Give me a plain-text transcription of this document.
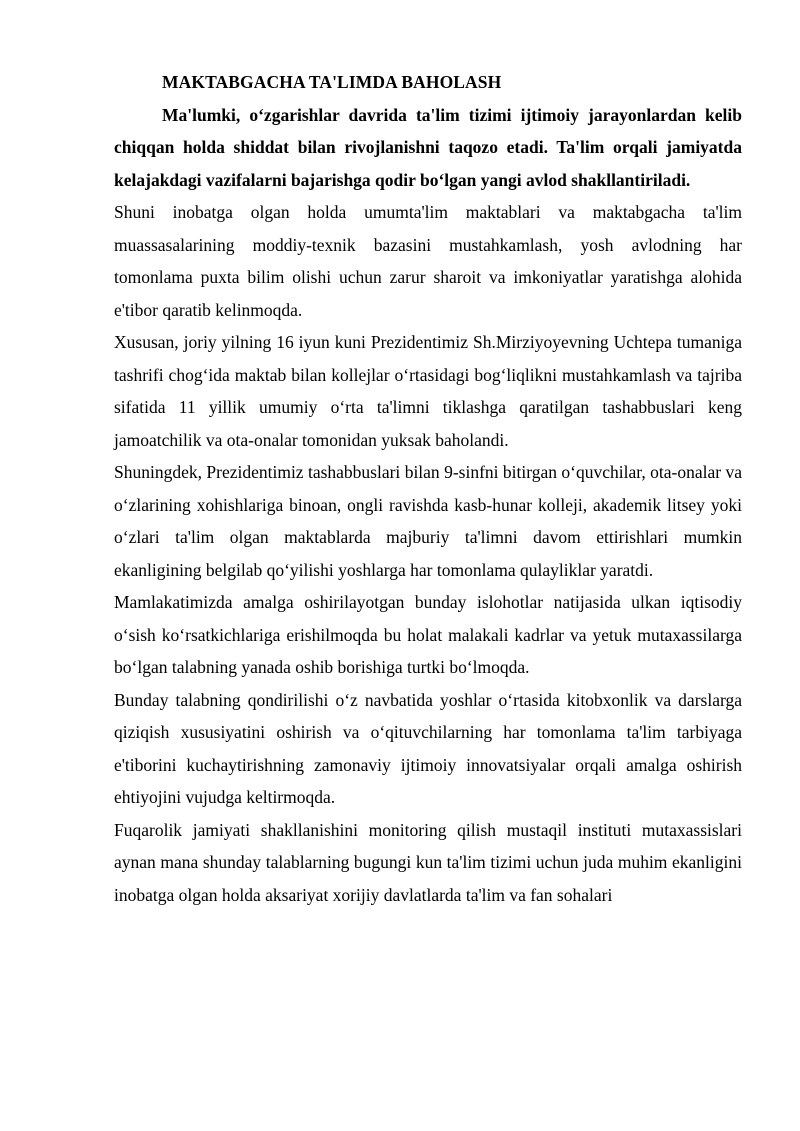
MAKTABGACHA TA'LIMDA BAHOLASH

Ma'lumki, o‘zgarishlar davrida ta'lim tizimi ijtimoiy jarayonlardan kelib chiqqan holda shiddat bilan rivojlanishni taqozo etadi. Ta'lim orqali jamiyatda kelajakdagi vazifalarni bajarishga qodir bo‘lgan yangi avlod shakllantiriladi.

Shuni inobatga olgan holda umumta'lim maktablari va maktabgacha ta'lim muassasalarining moddiy-texnik bazasini mustahkamlash, yosh avlodning har tomonlama puxta bilim olishi uchun zarur sharoit va imkoniyatlar yaratishga alohida e'tibor qaratib kelinmoqda.

Xususan, joriy yilning 16 iyun kuni Prezidentimiz Sh.Mirziyoyevning Uchtepa tumaniga tashrifi chog‘ida maktab bilan kollejlar o‘rtasidagi bog‘liqlikni mustahkamlash va tajriba sifatida 11 yillik umumiy o‘rta ta'limni tiklashga qaratilgan tashabbuslari keng jamoatchilik va ota-onalar tomonidan yuksak baholandi.

Shuningdek, Prezidentimiz tashabbuslari bilan 9-sinfni bitirgan o‘quvchilar, ota-onalar va o‘zlarining xohishlariga binoan, ongli ravishda kasb-hunar kolleji, akademik litsey yoki o‘zlari ta'lim olgan maktablarda majburiy ta'limni davom ettirishlari mumkin ekanligining belgilab qo‘yilishi yoshlarga har tomonlama qulayliklar yaratdi.

Mamlakatimizda amalga oshirilayotgan bunday islohotlar natijasida ulkan iqtisodiy o‘sish ko‘rsatkichlariga erishilmoqda bu holat malakali kadrlar va yetuk mutaxassilarga bo‘lgan talabning yanada oshib borishiga turtki bo‘lmoqda.

Bunday talabning qondirilishi o‘z navbatida yoshlar o‘rtasida kitobxonlik va darslarga qiziqish xususiyatini oshirish va o‘qituvchilarning har tomonlama ta'lim tarbiyaga e'tiborini kuchaytirishning zamonaviy ijtimoiy innovatsiyalar orqali amalga oshirish ehtiyojini vujudga keltirmoqda.

Fuqarolik jamiyati shakllanishini monitoring qilish mustaqil instituti mutaxassislari aynan mana shunday talablarning bugungi kun ta'lim tizimi uchun juda muhim ekanligini inobatga olgan holda aksariyat xorijiy davlatlarda ta'lim va fan sohalari
